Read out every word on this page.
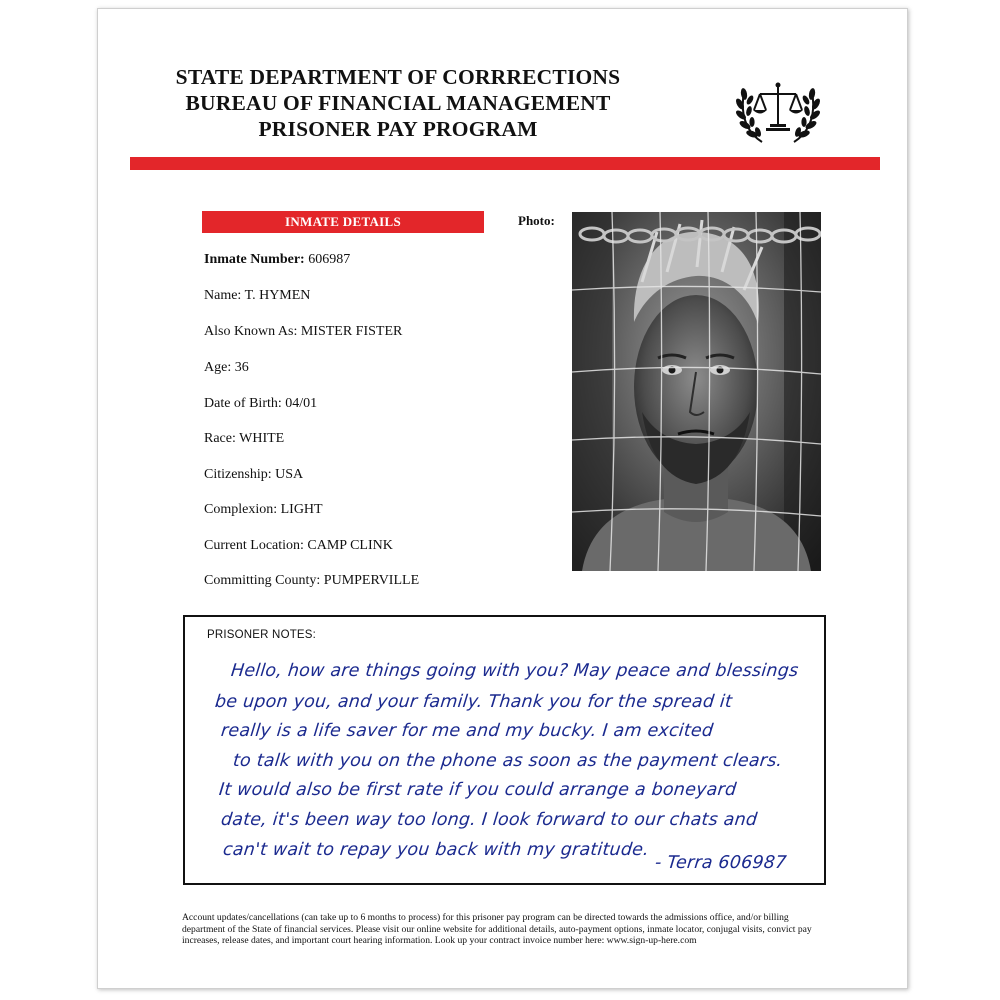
STATE DEPARTMENT OF CORRRECTIONS
BUREAU OF FINANCIAL MANAGEMENT
PRISONER PAY PROGRAM
INMATE DETAILS
Inmate Number: 606987
Name: T. HYMEN
Also Known As: MISTER FISTER
Age: 36
Date of Birth: 04/01
Race: WHITE
Citizenship: USA
Complexion: LIGHT
Current Location: CAMP CLINK
Committing County: PUMPERVILLE
Photo:
PRISONER NOTES:
Hello, how are things going with you? May peace and blessings
be upon you, and your family. Thank you for the spread it
really is a life saver for me and my bucky. I am excited
to talk with you on the phone as soon as the payment clears.
It would also be first rate if you could arrange a boneyard
date, it's been way too long. I look forward to our chats and
can't wait to repay you back with my gratitude.
- Terra 606987
Account updates/cancellations (can take up to 6 months to process) for this prisoner pay program can be directed towards the admissions office, and/or billing department of the State of financial services. Please visit our online website for additional details, auto-payment options, inmate locator, conjugal visits, convict pay increases, release dates, and important court hearing information. Look up your contract invoice number here: www.sign-up-here.com
